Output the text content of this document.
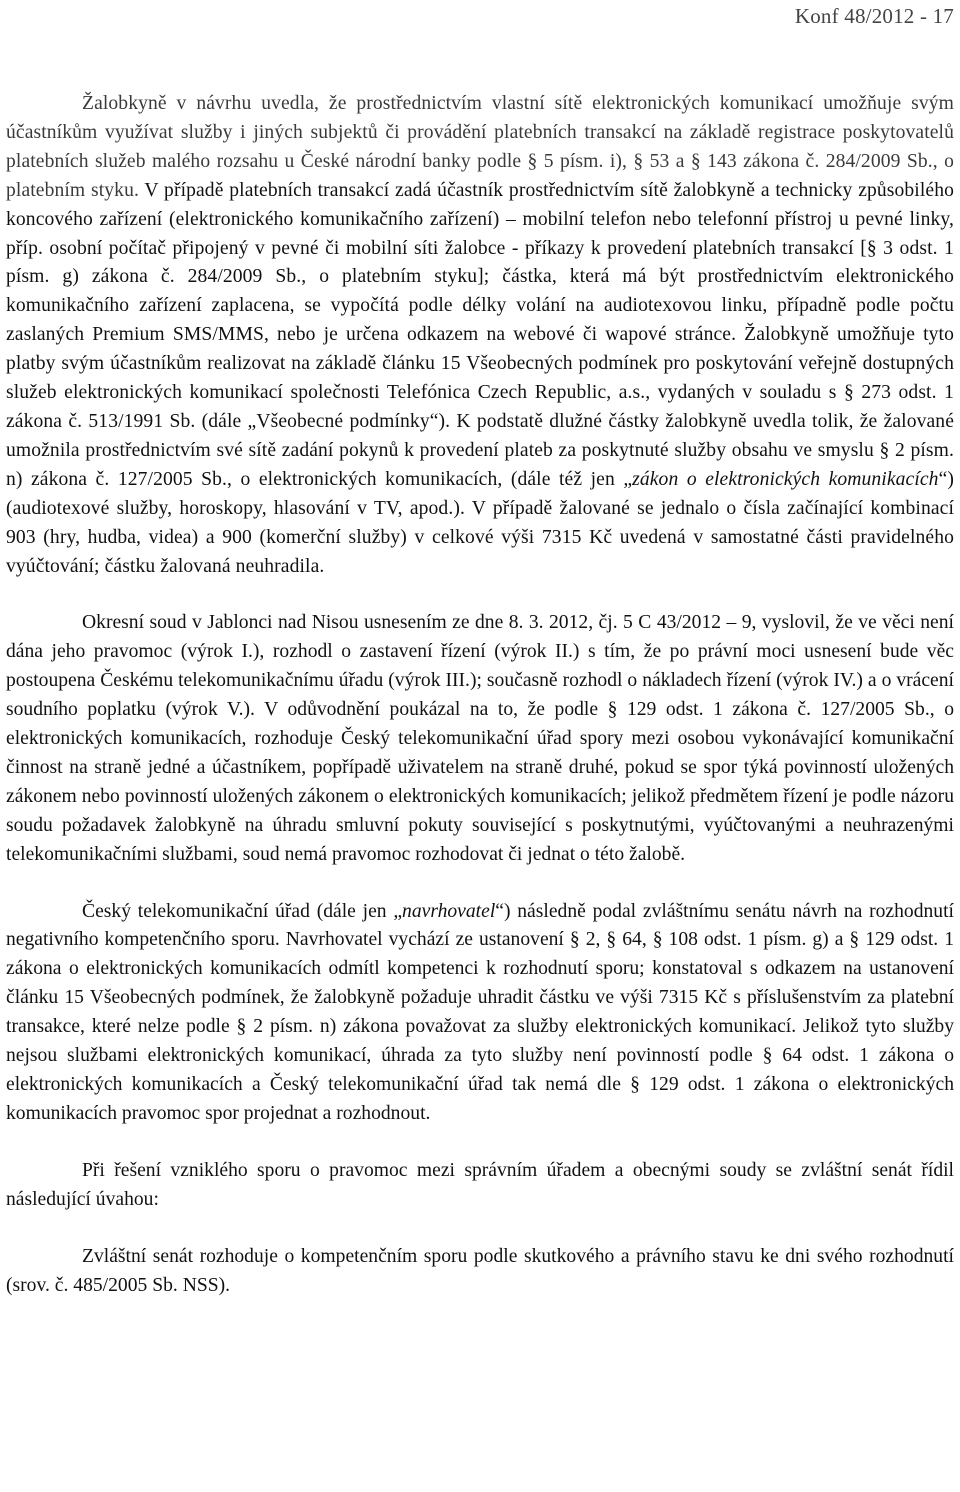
Konf 48/2012 - 17

Žalobkyně v návrhu uvedla, že prostřednictvím vlastní sítě elektronických komunikací umožňuje svým účastníkům využívat služby i jiných subjektů či provádění platebních transakcí na základě registrace poskytovatelů platebních služeb malého rozsahu u České národní banky podle § 5 písm. i), § 53 a § 143 zákona č. 284/2009 Sb., o platebním styku. V případě platebních transakcí zadá účastník prostřednictvím sítě žalobkyně a technicky způsobilého koncového zařízení (elektronického komunikačního zařízení) – mobilní telefon nebo telefonní přístroj u pevné linky, příp. osobní počítač připojený v pevné či mobilní síti žalobce - příkazy k provedení platebních transakcí [§ 3 odst. 1 písm. g) zákona č. 284/2009 Sb., o platebním styku]; částka, která má být prostřednictvím elektronického komunikačního zařízení zaplacena, se vypočítá podle délky volání na audiotexovou linku, případně podle počtu zaslaných Premium SMS/MMS, nebo je určena odkazem na webové či wapové stránce. Žalobkyně umožňuje tyto platby svým účastníkům realizovat na základě článku 15 Všeobecných podmínek pro poskytování veřejně dostupných služeb elektronických komunikací společnosti Telefónica Czech Republic, a.s., vydaných v souladu s § 273 odst. 1 zákona č. 513/1991 Sb. (dále „Všeobecné podmínky“). K podstatě dlužné částky žalobkyně uvedla tolik, že žalované umožnila prostřednictvím své sítě zadání pokynů k provedení plateb za poskytnuté služby obsahu ve smyslu § 2 písm. n) zákona č. 127/2005 Sb., o elektronických komunikacích, (dále též jen „zákon o elektronických komunikacích“) (audiotexové služby, horoskopy, hlasování v TV, apod.). V případě žalované se jednalo o čísla začínající kombinací 903 (hry, hudba, videa) a 900 (komerční služby) v celkové výši 7315 Kč uvedená v samostatné části pravidelného vyúčtování; částku žalovaná neuhradila.

Okresní soud v Jablonci nad Nisou usnesením ze dne 8. 3. 2012, čj. 5 C 43/2012 – 9, vyslovil, že ve věci není dána jeho pravomoc (výrok I.), rozhodl o zastavení řízení (výrok II.) s tím, že po právní moci usnesení bude věc postoupena Českému telekomunikačnímu úřadu (výrok III.); současně rozhodl o nákladech řízení (výrok IV.) a o vrácení soudního poplatku (výrok V.). V odůvodnění poukázal na to, že podle § 129 odst. 1 zákona č. 127/2005 Sb., o elektronických komunikacích, rozhoduje Český telekomunikační úřad spory mezi osobou vykonávající komunikační činnost na straně jedné a účastníkem, popřípadě uživatelem na straně druhé, pokud se spor týká povinností uložených zákonem nebo povinností uložených zákonem o elektronických komunikacích; jelikož předmětem řízení je podle názoru soudu požadavek žalobkyně na úhradu smluvní pokuty související s poskytnutými, vyúčtovanými a neuhrazenými telekomunikačními službami, soud nemá pravomoc rozhodovat či jednat o této žalobě.

Český telekomunikační úřad (dále jen „navrhovatel“) následně podal zvláštnímu senátu návrh na rozhodnutí negativního kompetenčního sporu. Navrhovatel vychází ze ustanovení § 2, § 64, § 108 odst. 1 písm. g) a § 129 odst. 1 zákona o elektronických komunikacích odmítl kompetenci k rozhodnutí sporu; konstatoval s odkazem na ustanovení článku 15 Všeobecných podmínek, že žalobkyně požaduje uhradit částku ve výši 7315 Kč s příslušenstvím za platební transakce, které nelze podle § 2 písm. n) zákona považovat za služby elektronických komunikací. Jelikož tyto služby nejsou službami elektronických komunikací, úhrada za tyto služby není povinností podle § 64 odst. 1 zákona o elektronických komunikacích a Český telekomunikační úřad tak nemá dle § 129 odst. 1 zákona o elektronických komunikacích pravomoc spor projednat a rozhodnout.

Při řešení vzniklého sporu o pravomoc mezi správním úřadem a obecnými soudy se zvláštní senát řídil následující úvahou:

Zvláštní senát rozhoduje o kompetenčním sporu podle skutkového a právního stavu ke dni svého rozhodnutí (srov. č. 485/2005 Sb. NSS).
